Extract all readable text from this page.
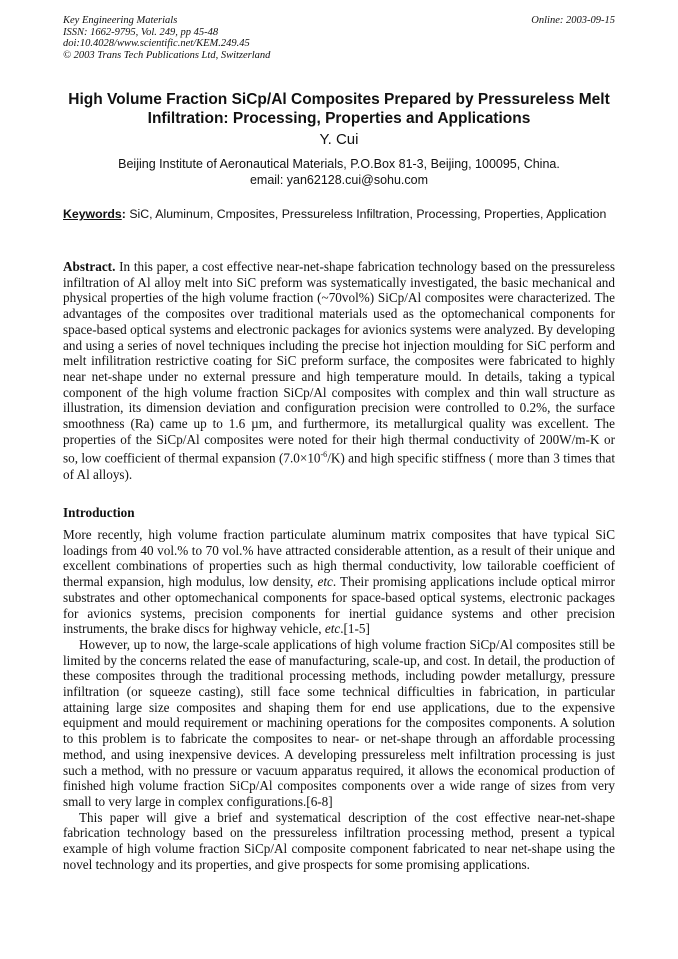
Key Engineering Materials
ISSN: 1662-9795, Vol. 249, pp 45-48
doi:10.4028/www.scientific.net/KEM.249.45
© 2003 Trans Tech Publications Ltd, Switzerland
Online: 2003-09-15
High Volume Fraction SiCp/Al Composites Prepared by Pressureless Melt Infiltration: Processing, Properties and Applications
Y. Cui
Beijing Institute of Aeronautical Materials, P.O.Box 81-3, Beijing, 100095, China.
email: yan62128.cui@sohu.com
Keywords: SiC, Aluminum, Cmposites, Pressureless Infiltration, Processing, Properties, Application

Abstract. In this paper, a cost effective near-net-shape fabrication technology based on the pressureless infiltration of Al alloy melt into SiC preform was systematically investigated, the basic mechanical and physical properties of the high volume fraction (~70vol%) SiCp/Al composites were characterized. The advantages of the composites over traditional materials used as the optomechanical components for space-based optical systems and electronic packages for avionics systems were analyzed. By developing and using a series of novel techniques including the precise hot injection moulding for SiC perform and melt infilitration restrictive coating for SiC preform surface, the composites were fabricated to highly near net-shape under no external pressure and high temperature mould. In details, taking a typical component of the high volume fraction SiCp/Al composites with complex and thin wall structure as illustration, its dimension deviation and configuration precision were controlled to 0.2%, the surface smoothness (Ra) came up to 1.6 µm, and furthermore, its metallurgical quality was excellent. The properties of the SiCp/Al composites were noted for their high thermal conductivity of 200W/m-K or so, low coefficient of thermal expansion $(7.0\times 10^{-6}/K)$ and high specific stiffness ( more than 3 times that of Al alloys).

Introduction

More recently, high volume fraction particulate aluminum matrix composites that have typical SiC loadings from 40 vol.% to 70 vol.% have attracted considerable attention, as a result of their unique and excellent combinations of properties such as high thermal conductivity, low tailorable coefficient of thermal expansion, high modulus, low density, etc. Their promising applications include optical mirror substrates and other optomechanical components for space-based optical systems, electronic packages for avionics systems, precision components for inertial guidance systems and other precision instruments, the brake discs for highway vehicle, etc.[1-5]

However, up to now, the large-scale applications of high volume fraction SiCp/Al composites still be limited by the concerns related the ease of manufacturing, scale-up, and cost. In detail, the production of these composites through the traditional processing methods, including powder metallurgy, pressure infiltration (or squeeze casting), still face some technical difficulties in fabrication, in particular attaining large size composites and shaping them for end use applications, due to the expensive equipment and mould requirement or machining operations for the composites components. A solution to this problem is to fabricate the composites to near- or net-shape through an affordable processing method, and using inexpensive devices. A developing pressureless melt infiltration processing is just such a method, with no pressure or vacuum apparatus required, it allows the economical production of finished high volume fraction SiCp/Al composites components over a wide range of sizes from very small to very large in complex configurations.[6-8]

This paper will give a brief and systematical description of the cost effective near-net-shape fabrication technology based on the pressureless infiltration processing method, present a typical example of high volume fraction SiCp/Al composite component fabricated to near net-shape using the novel technology and its properties, and give prospects for some promising applications.
